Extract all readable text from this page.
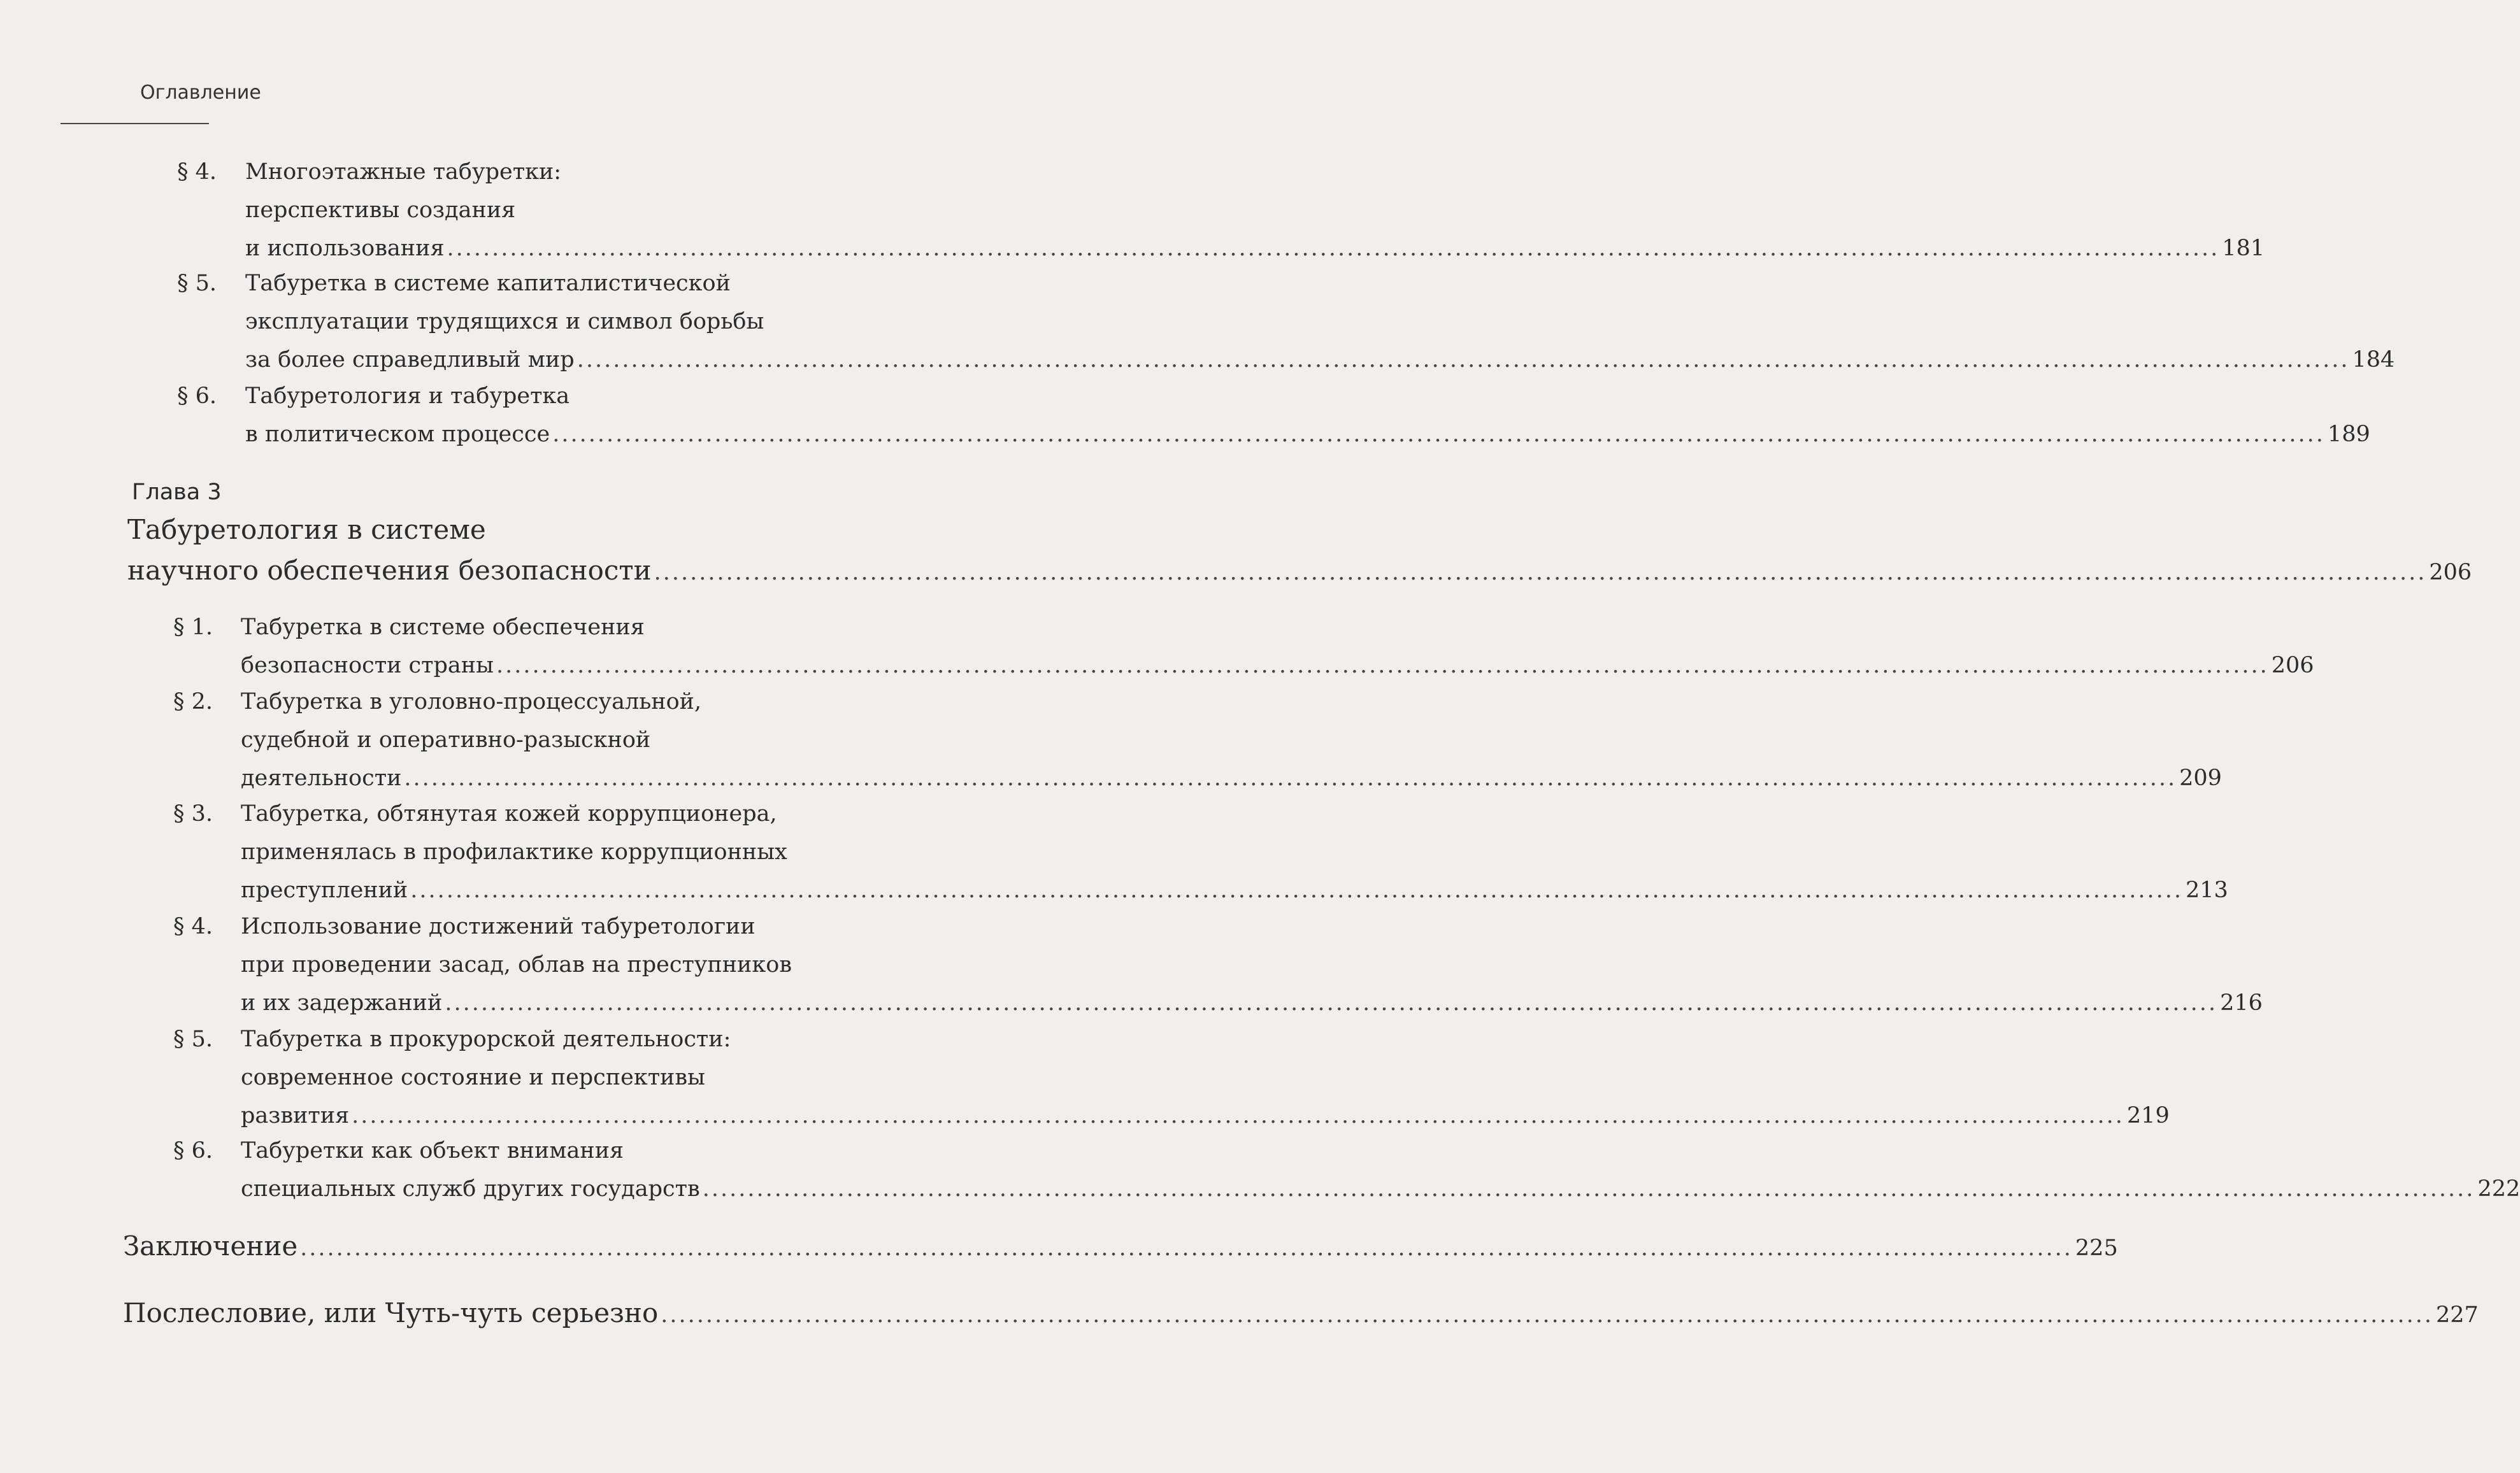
Оглавление
§ 4. Многоэтажные табуретки:
перспективы создания
и использования ..................................................................................................................................................................................................... 181
§ 5. Табуретка в системе капиталистической
эксплуатации трудящихся и символ борьбы
за более справедливый мир ..................................................................................................................................................................................................... 184
§ 6. Табуретология и табуретка
в политическом процессе ..................................................................................................................................................................................................... 189
Глава 3
Табуретология в системе
научного обеспечения безопасности ..................................................................................................................................................................................................... 206
§ 1. Табуретка в системе обеспечения
безопасности страны ..................................................................................................................................................................................................... 206
§ 2. Табуретка в уголовно-процессуальной,
судебной и оперативно-разыскной
деятельности ..................................................................................................................................................................................................... 209
§ 3. Табуретка, обтянутая кожей коррупционера,
применялась в профилактике коррупционных
преступлений ..................................................................................................................................................................................................... 213
§ 4. Использование достижений табуретологии
при проведении засад, облав на преступников
и их задержаний ..................................................................................................................................................................................................... 216
§ 5. Табуретка в прокурорской деятельности:
современное состояние и перспективы
развития ..................................................................................................................................................................................................... 219
§ 6. Табуретки как объект внимания
специальных служб других государств ..................................................................................................................................................................................................... 222
Заключение ..................................................................................................................................................................................................... 225
Послесловие, или Чуть-чуть серьезно ..................................................................................................................................................................................................... 227
